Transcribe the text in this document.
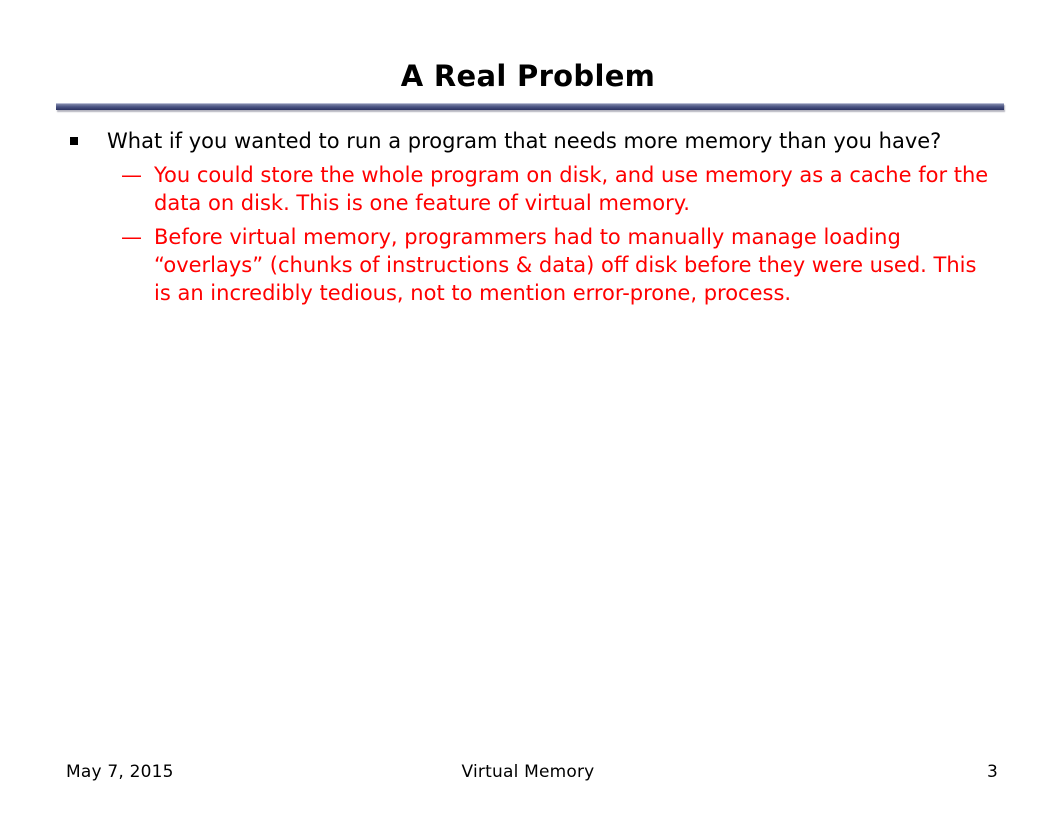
A Real Problem
What if you wanted to run a program that needs more memory than you have?
— You could store the whole program on disk, and use memory as a cache for the data on disk. This is one feature of virtual memory.
— Before virtual memory, programmers had to manually manage loading “overlays” (chunks of instructions & data) off disk before they were used. This is an incredibly tedious, not to mention error-prone, process.
May 7, 2015	Virtual Memory	3
